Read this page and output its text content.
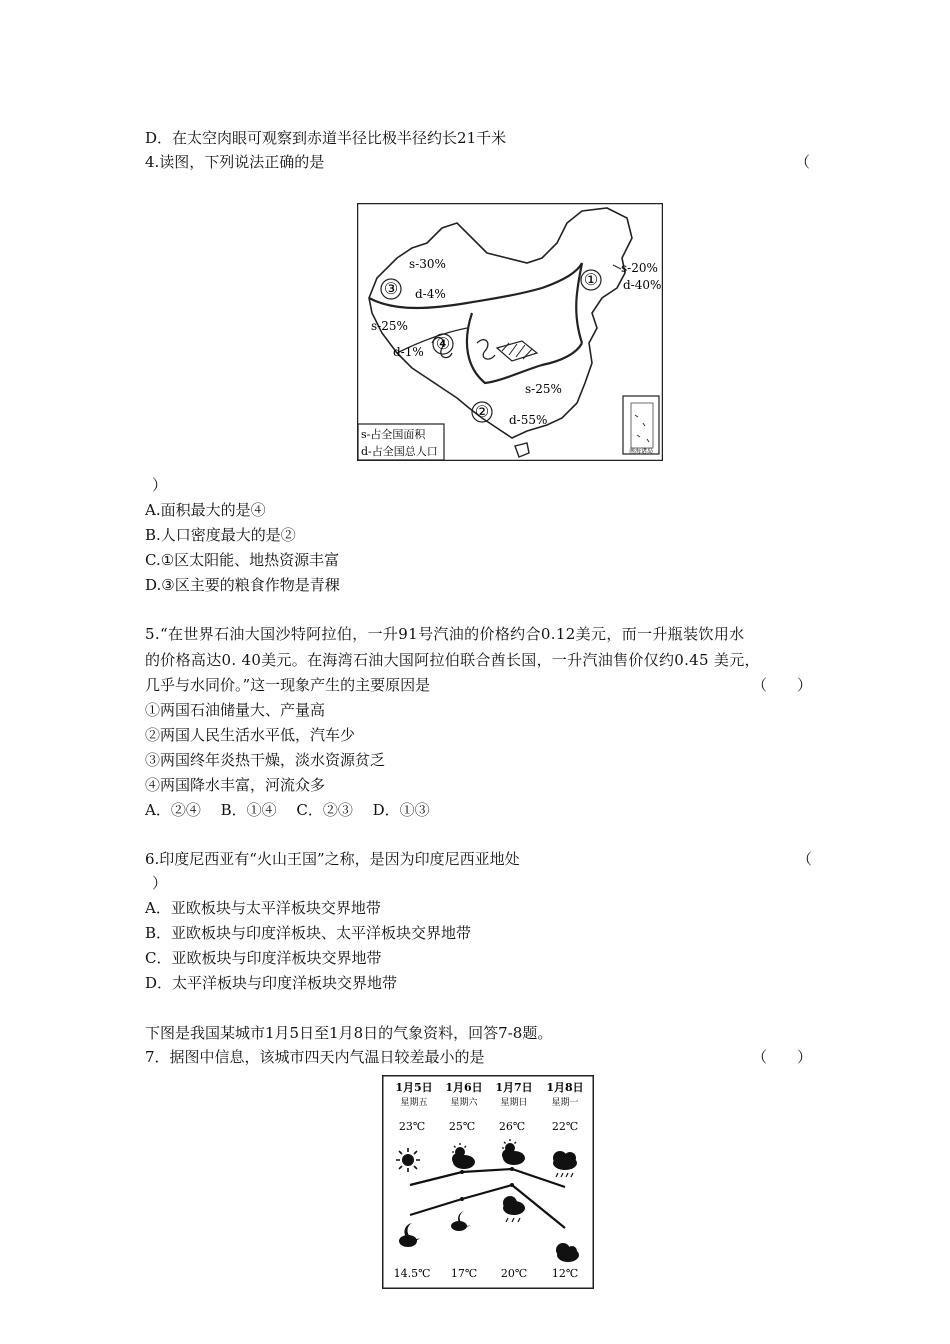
D．在太空肉眼可观察到赤道半径比极半径约长21千米
4.读图，下列说法正确的是	（
③	①
④
②
s-30%
d-4%
s-25%
d-1%
s-20%
d-40%
s-25%
d-55%
s-占全国面积
d-占全国总人口	南海诸岛
）
A.面积最大的是④
B.人口密度最大的是②
C.①区太阳能、地热资源丰富
D.③区主要的粮食作物是青稞
5.“在世界石油大国沙特阿拉伯，一升91号汽油的价格约合0.12美元，而一升瓶装饮用水
的价格高达0. 40美元。在海湾石油大国阿拉伯联合酋长国，一升汽油售价仅约0.45 美元，
几乎与水同价。”这一现象产生的主要原因是	（　　）
①两国石油储量大、产量高
②两国人民生活水平低，汽车少
③两国终年炎热干燥，淡水资源贫乏
④两国降水丰富，河流众多
A．②④　 B．①④　 C．②③　 D．①③
6.印度尼西亚有“火山王国”之称，是因为印度尼西亚地处	（
）
A．亚欧板块与太平洋板块交界地带
B．亚欧板块与印度洋板块、太平洋板块交界地带
C．亚欧板块与印度洋板块交界地带
D．太平洋板块与印度洋板块交界地带
下图是我国某城市1月5日至1月8日的气象资料，回答7-8题。
7．据图中信息，该城市四天内气温日较差最小的是	（　　）
1月5日 1月6日 1月7日 1月8日
星期五	星期六	星期日	星期一
23℃ 25℃ 26℃ 22℃
14.5℃ 17℃ 20℃ 12℃
